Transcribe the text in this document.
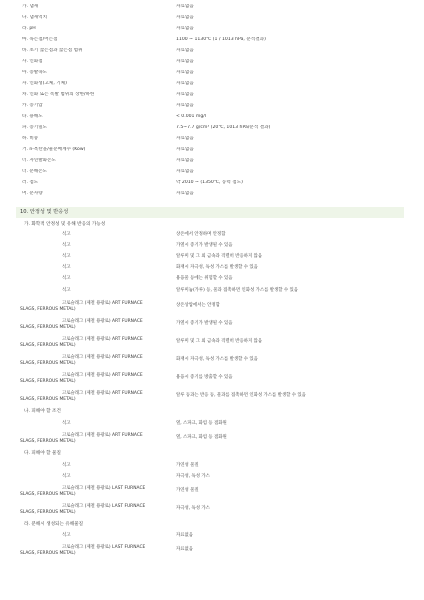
가. 냄새	자료없음
다. 냄새역치	자료없음
라. pH	자료없음
마. 녹는점/어는점	1100 ~ 1130℃ (1 / 1013 hPa, 분석결과)
바. 초기 끓는점과 끓는점 범위	자료없음
사. 인화점	자료없음
아. 증발속도	자료없음
자. 인화성(고체, 기체)	자료없음
차. 인화 또는 폭발 범위의 상한/하한	자료없음
카. 증기압	자료없음
타. 용해도	< 0.001 mg/l
파. 증기밀도	7.5~7.7 g/cm³ (20℃, 1013 hPa/분석 결과)
하. 비중	자료없음
거. n-옥탄올/물분배계수 (Kow)	자료없음
너. 자연발화온도	자료없음
더. 분해온도	자료없음
러. 점도	약 2010 ~ (1350℃, 동력 점도)
머. 분자량	자료없음
10. 안정성 및 반응성
가. 화학적 안정성 및 유해 반응의 가능성
석고	상온에서 안정하며 안정함
석고	가열시 증기가 발생될 수 있음
석고	알루미 및 그 외 금속과 격렬히 반응하지 않음
석고	화재시 자극성, 독성 가스를 발생할 수 있음
석고	용융물 등에는 위험할 수 있음
석고	알루미늄(가루) 등, 물과 접촉하면 인화성 가스를 발생할 수 있음
고로슬래그 (제철 용광로) ART FURNACE	상온상압에서는 안정함
SLAGS, FERROUS METAL)
고로슬래그 (제철 용광로) ART FURNACE	가열시 증기가 발생될 수 있음
SLAGS, FERROUS METAL)
고로슬래그 (제철 용광로) ART FURNACE	알루미 및 그 외 금속과 격렬히 반응하지 않음
SLAGS, FERROUS METAL)
고로슬래그 (제철 용광로) ART FURNACE	화재시 자극성, 독성 가스를 발생할 수 있음
SLAGS, FERROUS METAL)
고로슬래그 (제철 용광로) ART FURNACE	용융시 증기를 방출할 수 있음
SLAGS, FERROUS METAL)
고로슬래그 (제철 용광로) ART FURNACE	알루 등과는 반응 등, 물과를 접촉하면 인화성 가스를 발생할 수 있음
SLAGS, FERROUS METAL)
나. 피해야 할 조건
석고	열, 스파크, 화염 등 점화원
고로슬래그 (제철 용광로) ART FURNACE	열, 스파크, 화염 등 점화원
SLAGS, FERROUS METAL)
다. 피해야 할 물질
석고	가연성 물질
석고	자극성, 독성 가스
고로슬래그 (제철 용광로) LAST FURNACE	가연성 물질
SLAGS, FERROUS METAL)
고로슬래그 (제철 용광로) LAST FURNACE	자극성, 독성 가스
SLAGS, FERROUS METAL)
라. 분해시 생성되는 유해물질
석고	자료없음
고로슬래그 (제철 용광로) LAST FURNACE	자료없음
SLAGS, FERROUS METAL)
